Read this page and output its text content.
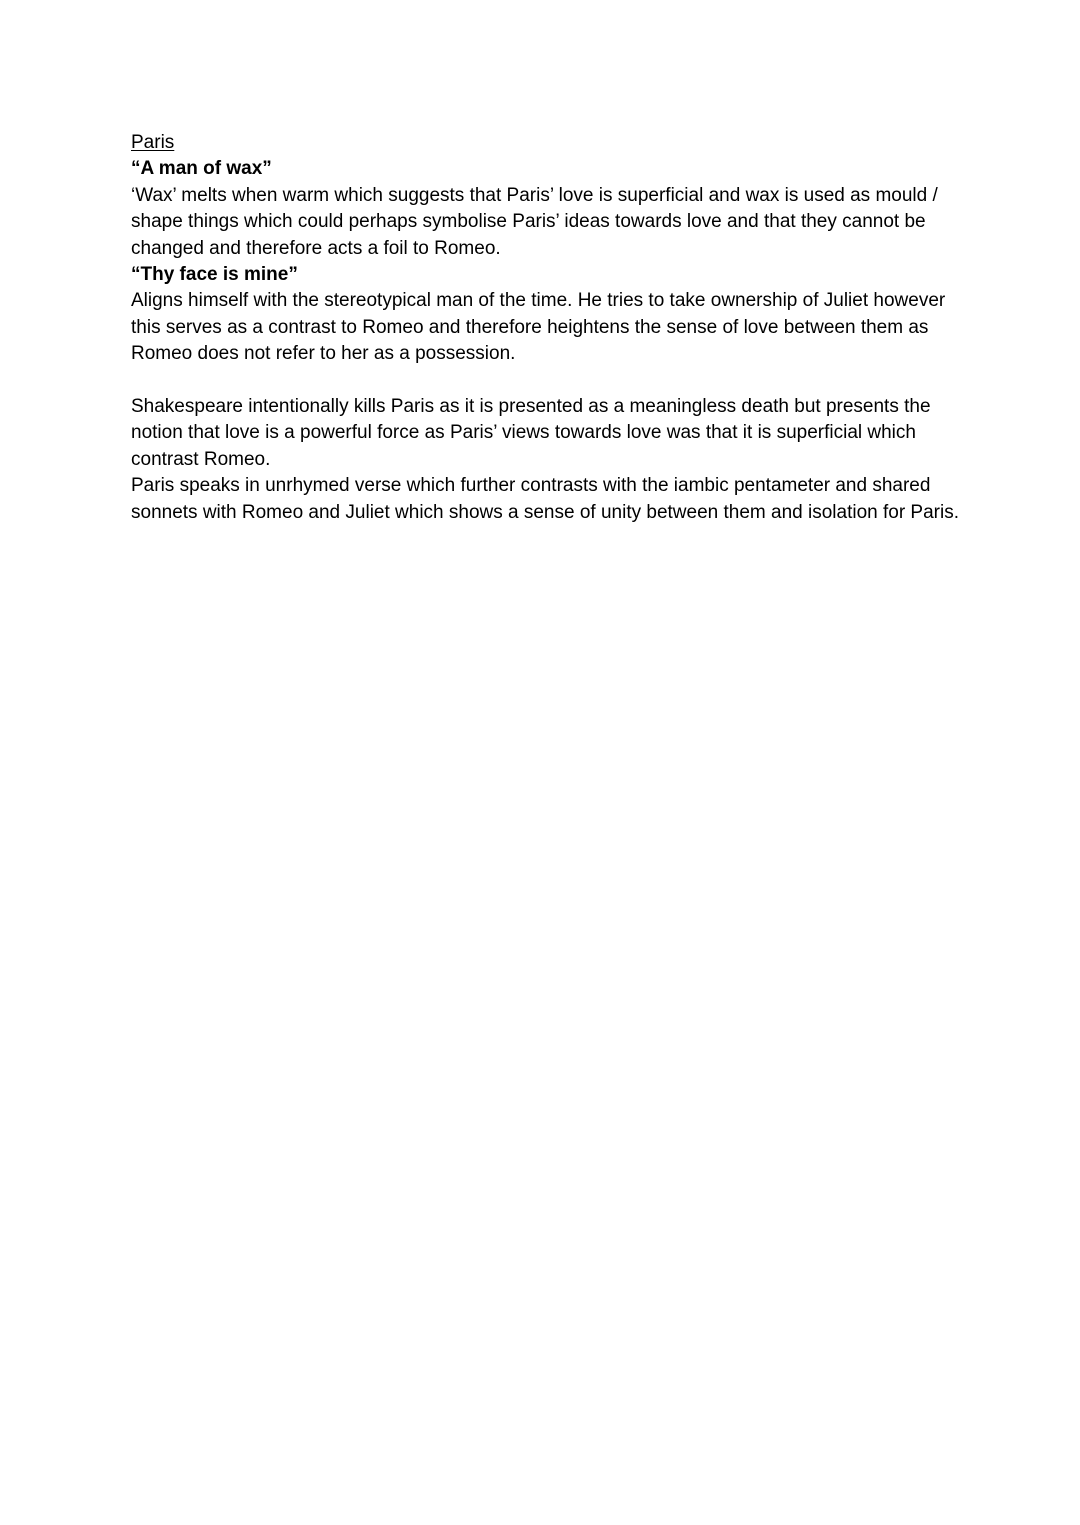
Paris

“A man of wax”

‘Wax’ melts when warm which suggests that Paris’ love is superficial and wax is used as mould / shape things which could perhaps symbolise Paris’ ideas towards love and that they cannot be changed and therefore acts a foil to Romeo.

“Thy face is mine”

Aligns himself with the stereotypical man of the time. He tries to take ownership of Juliet however this serves as a contrast to Romeo and therefore heightens the sense of love between them as Romeo does not refer to her as a possession.

Shakespeare intentionally kills Paris as it is presented as a meaningless death but presents the notion that love is a powerful force as Paris’ views towards love was that it is superficial which contrast Romeo.

Paris speaks in unrhymed verse which further contrasts with the iambic pentameter and shared sonnets with Romeo and Juliet which shows a sense of unity between them and isolation for Paris.
